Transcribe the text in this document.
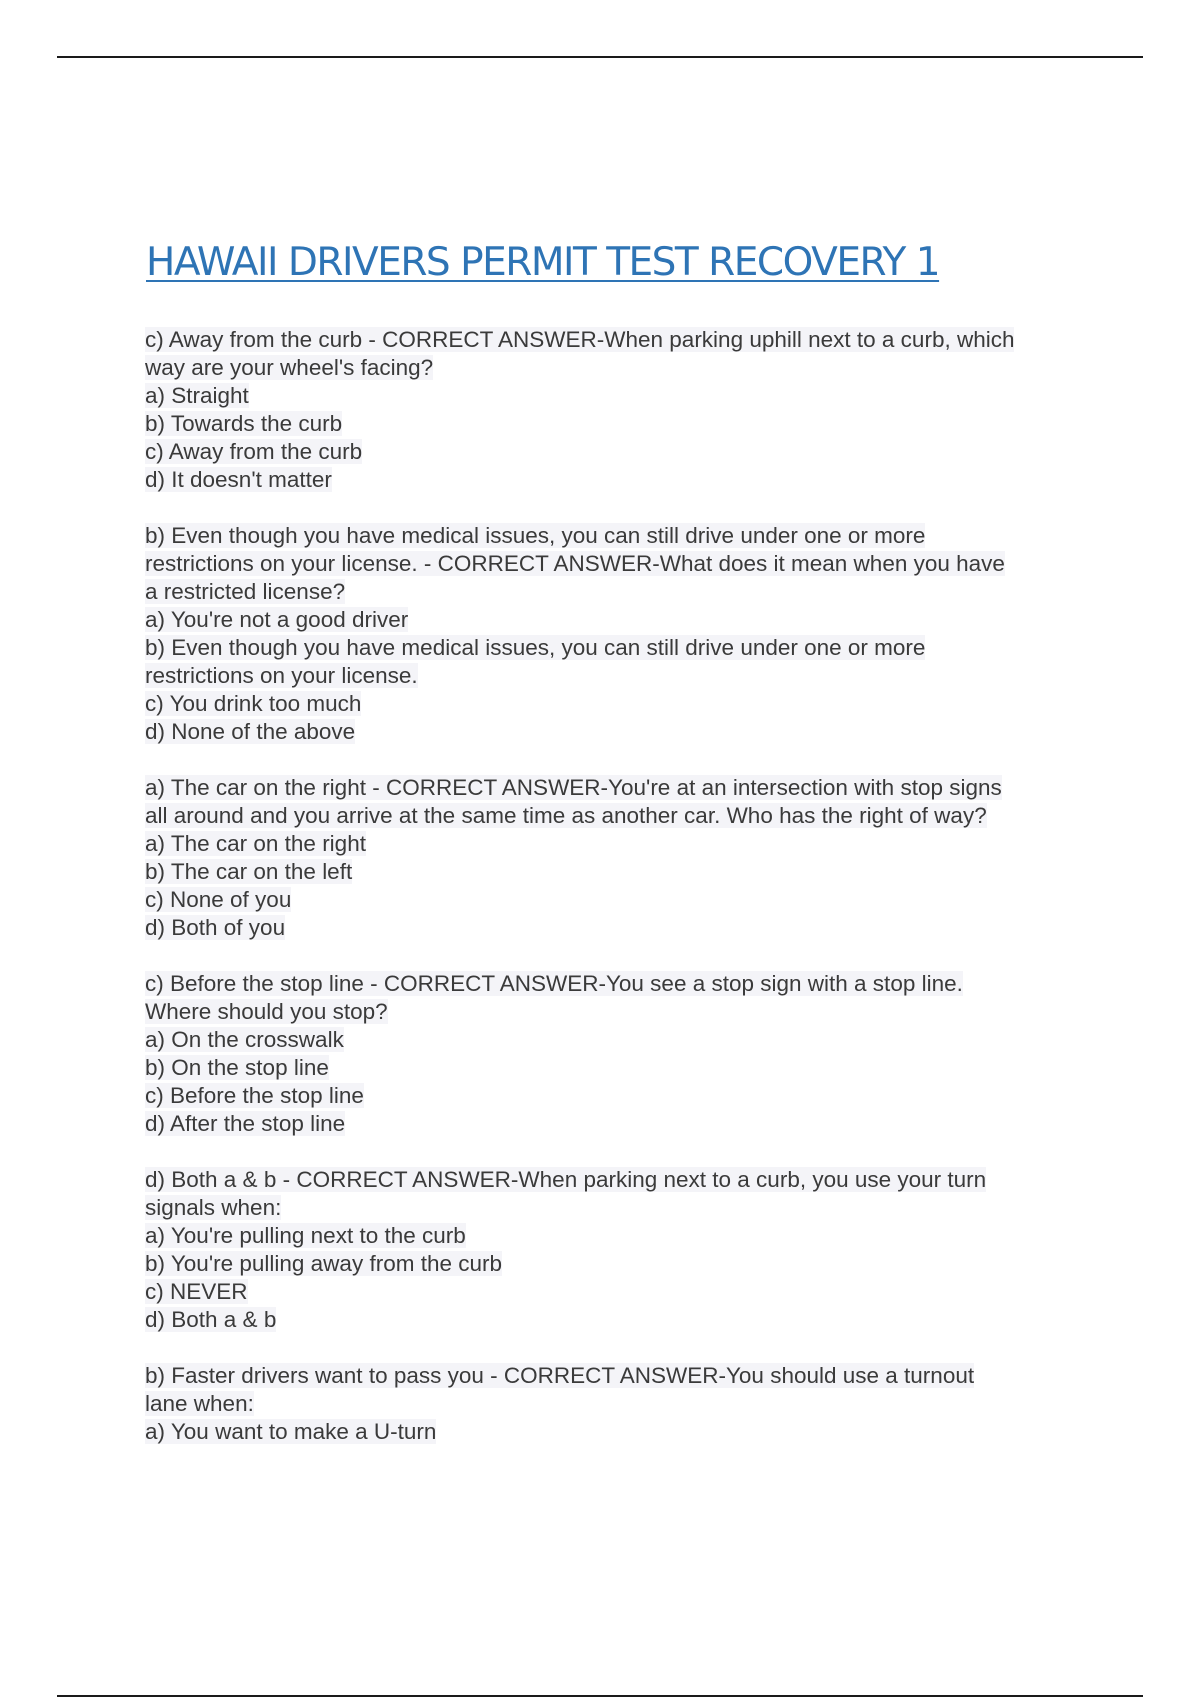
HAWAII DRIVERS PERMIT TEST RECOVERY 1
c) Away from the curb - CORRECT ANSWER-When parking uphill next to a curb, which
way are your wheel's facing?
a) Straight
b) Towards the curb
c) Away from the curb
d) It doesn't matter
b) Even though you have medical issues, you can still drive under one or more
restrictions on your license. - CORRECT ANSWER-What does it mean when you have
a restricted license?
a) You're not a good driver
b) Even though you have medical issues, you can still drive under one or more
restrictions on your license.
c) You drink too much
d) None of the above
a) The car on the right - CORRECT ANSWER-You're at an intersection with stop signs
all around and you arrive at the same time as another car. Who has the right of way?
a) The car on the right
b) The car on the left
c) None of you
d) Both of you
c) Before the stop line - CORRECT ANSWER-You see a stop sign with a stop line.
Where should you stop?
a) On the crosswalk
b) On the stop line
c) Before the stop line
d) After the stop line
d) Both a & b - CORRECT ANSWER-When parking next to a curb, you use your turn
signals when:
a) You're pulling next to the curb
b) You're pulling away from the curb
c) NEVER
d) Both a & b
b) Faster drivers want to pass you - CORRECT ANSWER-You should use a turnout
lane when:
a) You want to make a U-turn
